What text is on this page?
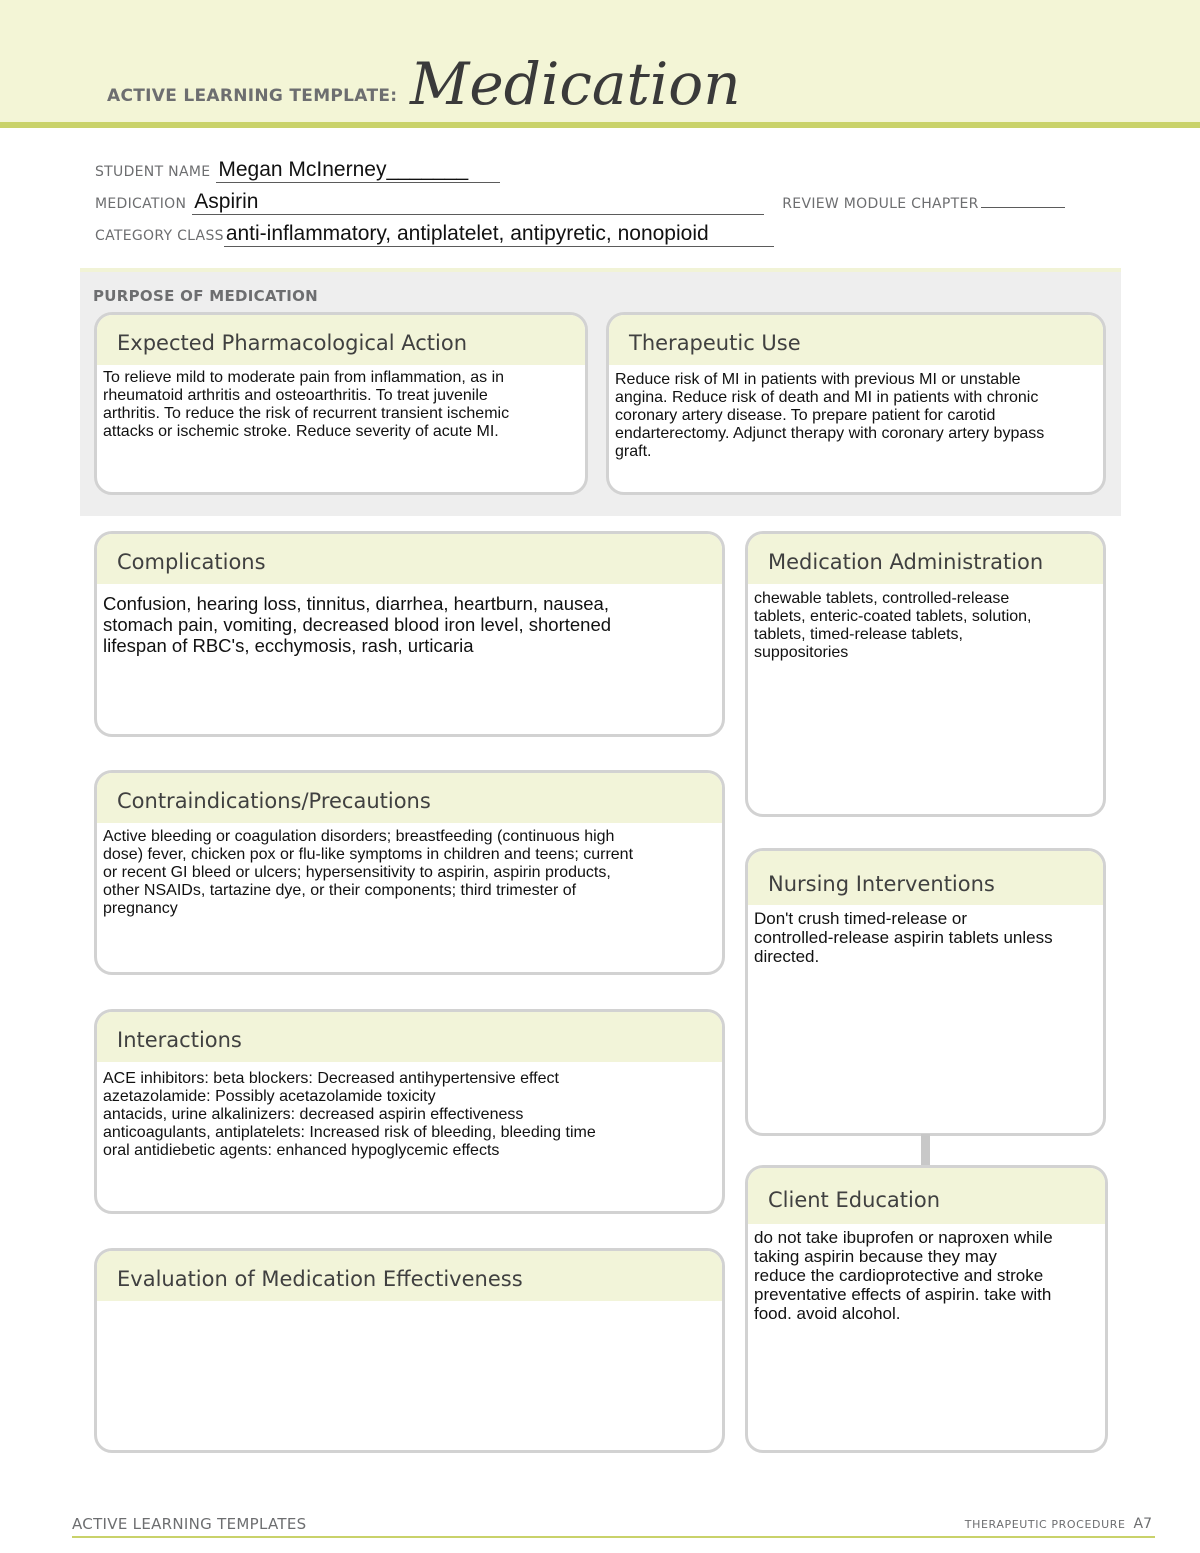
ACTIVE LEARNING TEMPLATE: Medication
STUDENT NAME Megan McInerney_______
MEDICATION Aspirin	REVIEW MODULE CHAPTER
CATEGORY CLASS anti-inflammatory, antiplatelet, antipyretic, nonopioid
PURPOSE OF MEDICATION
Expected Pharmacological Action
To relieve mild to moderate pain from inflammation, as in
rheumatoid arthritis and osteoarthritis. To treat juvenile
arthritis. To reduce the risk of recurrent transient ischemic
attacks or ischemic stroke. Reduce severity of acute MI.
Therapeutic Use
Reduce risk of MI in patients with previous MI or unstable
angina. Reduce risk of death and MI in patients with chronic
coronary artery disease. To prepare patient for carotid
endarterectomy. Adjunct therapy with coronary artery bypass
graft.
Complications
Confusion, hearing loss, tinnitus, diarrhea, heartburn, nausea,
stomach pain, vomiting, decreased blood iron level, shortened
lifespan of RBC's, ecchymosis, rash, urticaria
Medication Administration
chewable tablets, controlled-release
tablets, enteric-coated tablets, solution,
tablets, timed-release tablets,
suppositories
Contraindications/Precautions
Active bleeding or coagulation disorders; breastfeeding (continuous high
dose) fever, chicken pox or flu-like symptoms in children and teens; current
or recent GI bleed or ulcers; hypersensitivity to aspirin, aspirin products,
other NSAIDs, tartazine dye, or their components; third trimester of
pregnancy
Nursing Interventions
Don't crush timed-release or
controlled-release aspirin tablets unless
directed.
Interactions
ACE inhibitors: beta blockers: Decreased antihypertensive effect
azetazolamide: Possibly acetazolamide toxicity
antacids, urine alkalinizers: decreased aspirin effectiveness
anticoagulants, antiplatelets: Increased risk of bleeding, bleeding time
oral antidiebetic agents: enhanced hypoglycemic effects
Client Education
do not take ibuprofen or naproxen while
taking aspirin because they may
reduce the cardioprotective and stroke
preventative effects of aspirin. take with
food. avoid alcohol.
Evaluation of Medication Effectiveness
ACTIVE LEARNING TEMPLATES	THERAPEUTIC PROCEDURE A7
